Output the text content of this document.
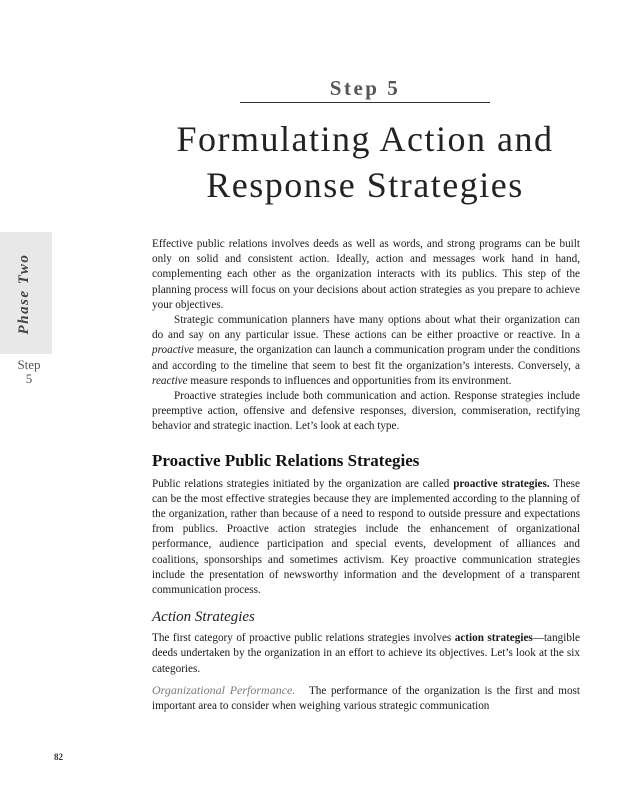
Step 5
Formulating Action and
Response Strategies
Phase Two
Step
5

Effective public relations involves deeds as well as words, and strong programs can be built only on solid and consistent action. Ideally, action and messages work hand in hand, complementing each other as the organization interacts with its publics. This step of the planning process will focus on your decisions about action strategies as you prepare to achieve your objectives.

Strategic communication planners have many options about what their organization can do and say on any particular issue. These actions can be either proactive or reactive. In a proactive measure, the organization can launch a communication program under the conditions and according to the timeline that seem to best fit the organization’s interests. Conversely, a reactive measure responds to influences and opportunities from its environment.

Proactive strategies include both communication and action. Response strategies include preemptive action, offensive and defensive responses, diversion, commiseration, rectifying behavior and strategic inaction. Let’s look at each type.

Proactive Public Relations Strategies

Public relations strategies initiated by the organization are called proactive strategies. These can be the most effective strategies because they are implemented according to the planning of the organization, rather than because of a need to respond to outside pressure and expectations from publics. Proactive action strategies include the enhancement of organizational performance, audience participation and special events, development of alliances and coalitions, sponsorships and sometimes activism. Key proactive communication strategies include the presentation of newsworthy information and the development of a transparent communication process.

Action Strategies

The first category of proactive public relations strategies involves action strategies—tangible deeds undertaken by the organization in an effort to achieve its objectives. Let’s look at the six categories.

Organizational Performance. The performance of the organization is the first and most important area to consider when weighing various strategic communication

82
